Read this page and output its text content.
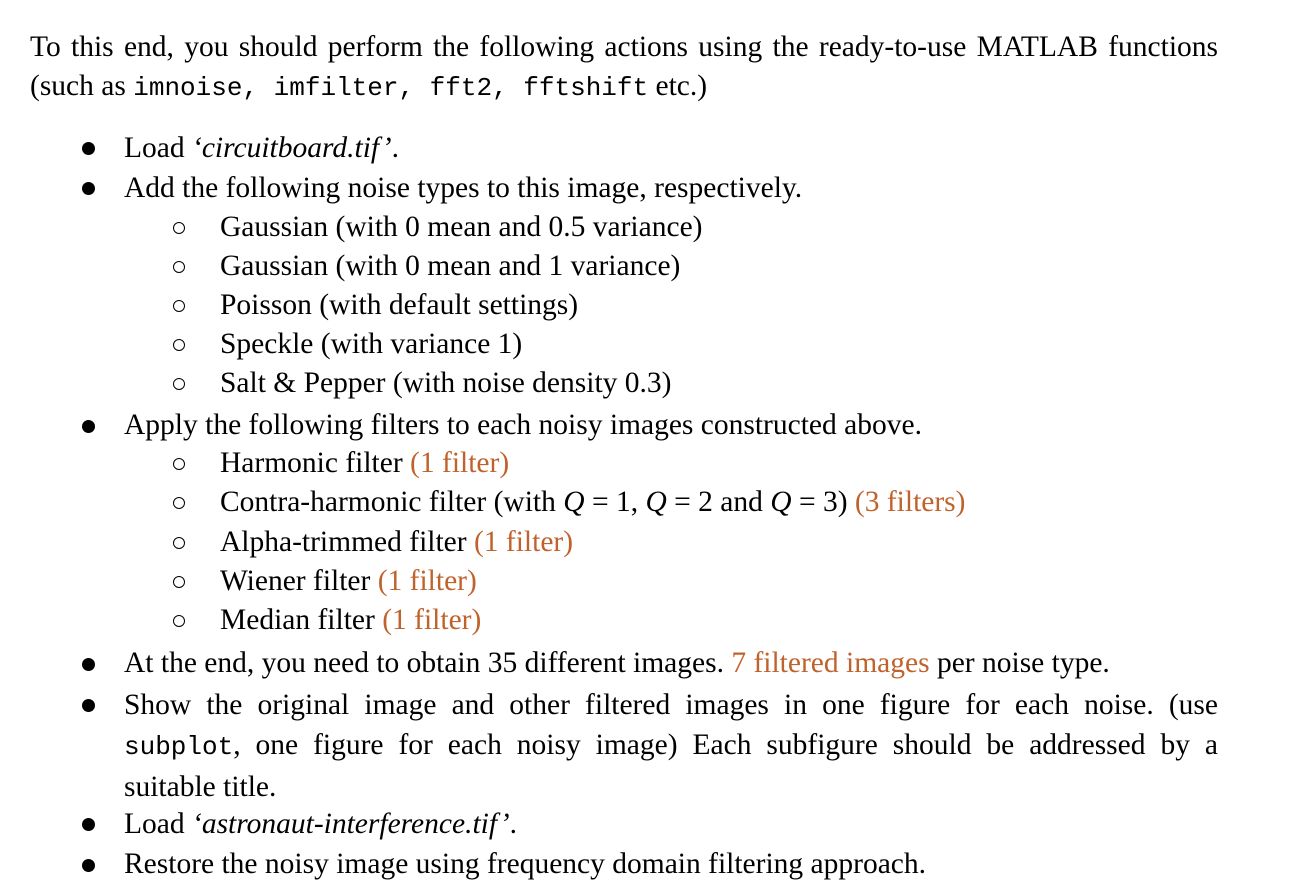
To this end, you should perform the following actions using the ready-to-use MATLAB functions (such as imnoise, imfilter, fft2, fftshift etc.)

Load ‘circuitboard.tif’.
Add the following noise types to this image, respectively.
Gaussian (with 0 mean and 0.5 variance)
Gaussian (with 0 mean and 1 variance)
Poisson (with default settings)
Speckle (with variance 1)
Salt & Pepper (with noise density 0.3)
Apply the following filters to each noisy images constructed above.
Harmonic filter (1 filter)
Contra-harmonic filter (with Q = 1, Q = 2 and Q = 3) (3 filters)
Alpha-trimmed filter (1 filter)
Wiener filter (1 filter)
Median filter (1 filter)
At the end, you need to obtain 35 different images. 7 filtered images per noise type.
Show the original image and other filtered images in one figure for each noise. (use subplot, one figure for each noisy image) Each subfigure should be addressed by a suitable title.
Load ‘astronaut-interference.tif’.
Restore the noisy image using frequency domain filtering approach.
